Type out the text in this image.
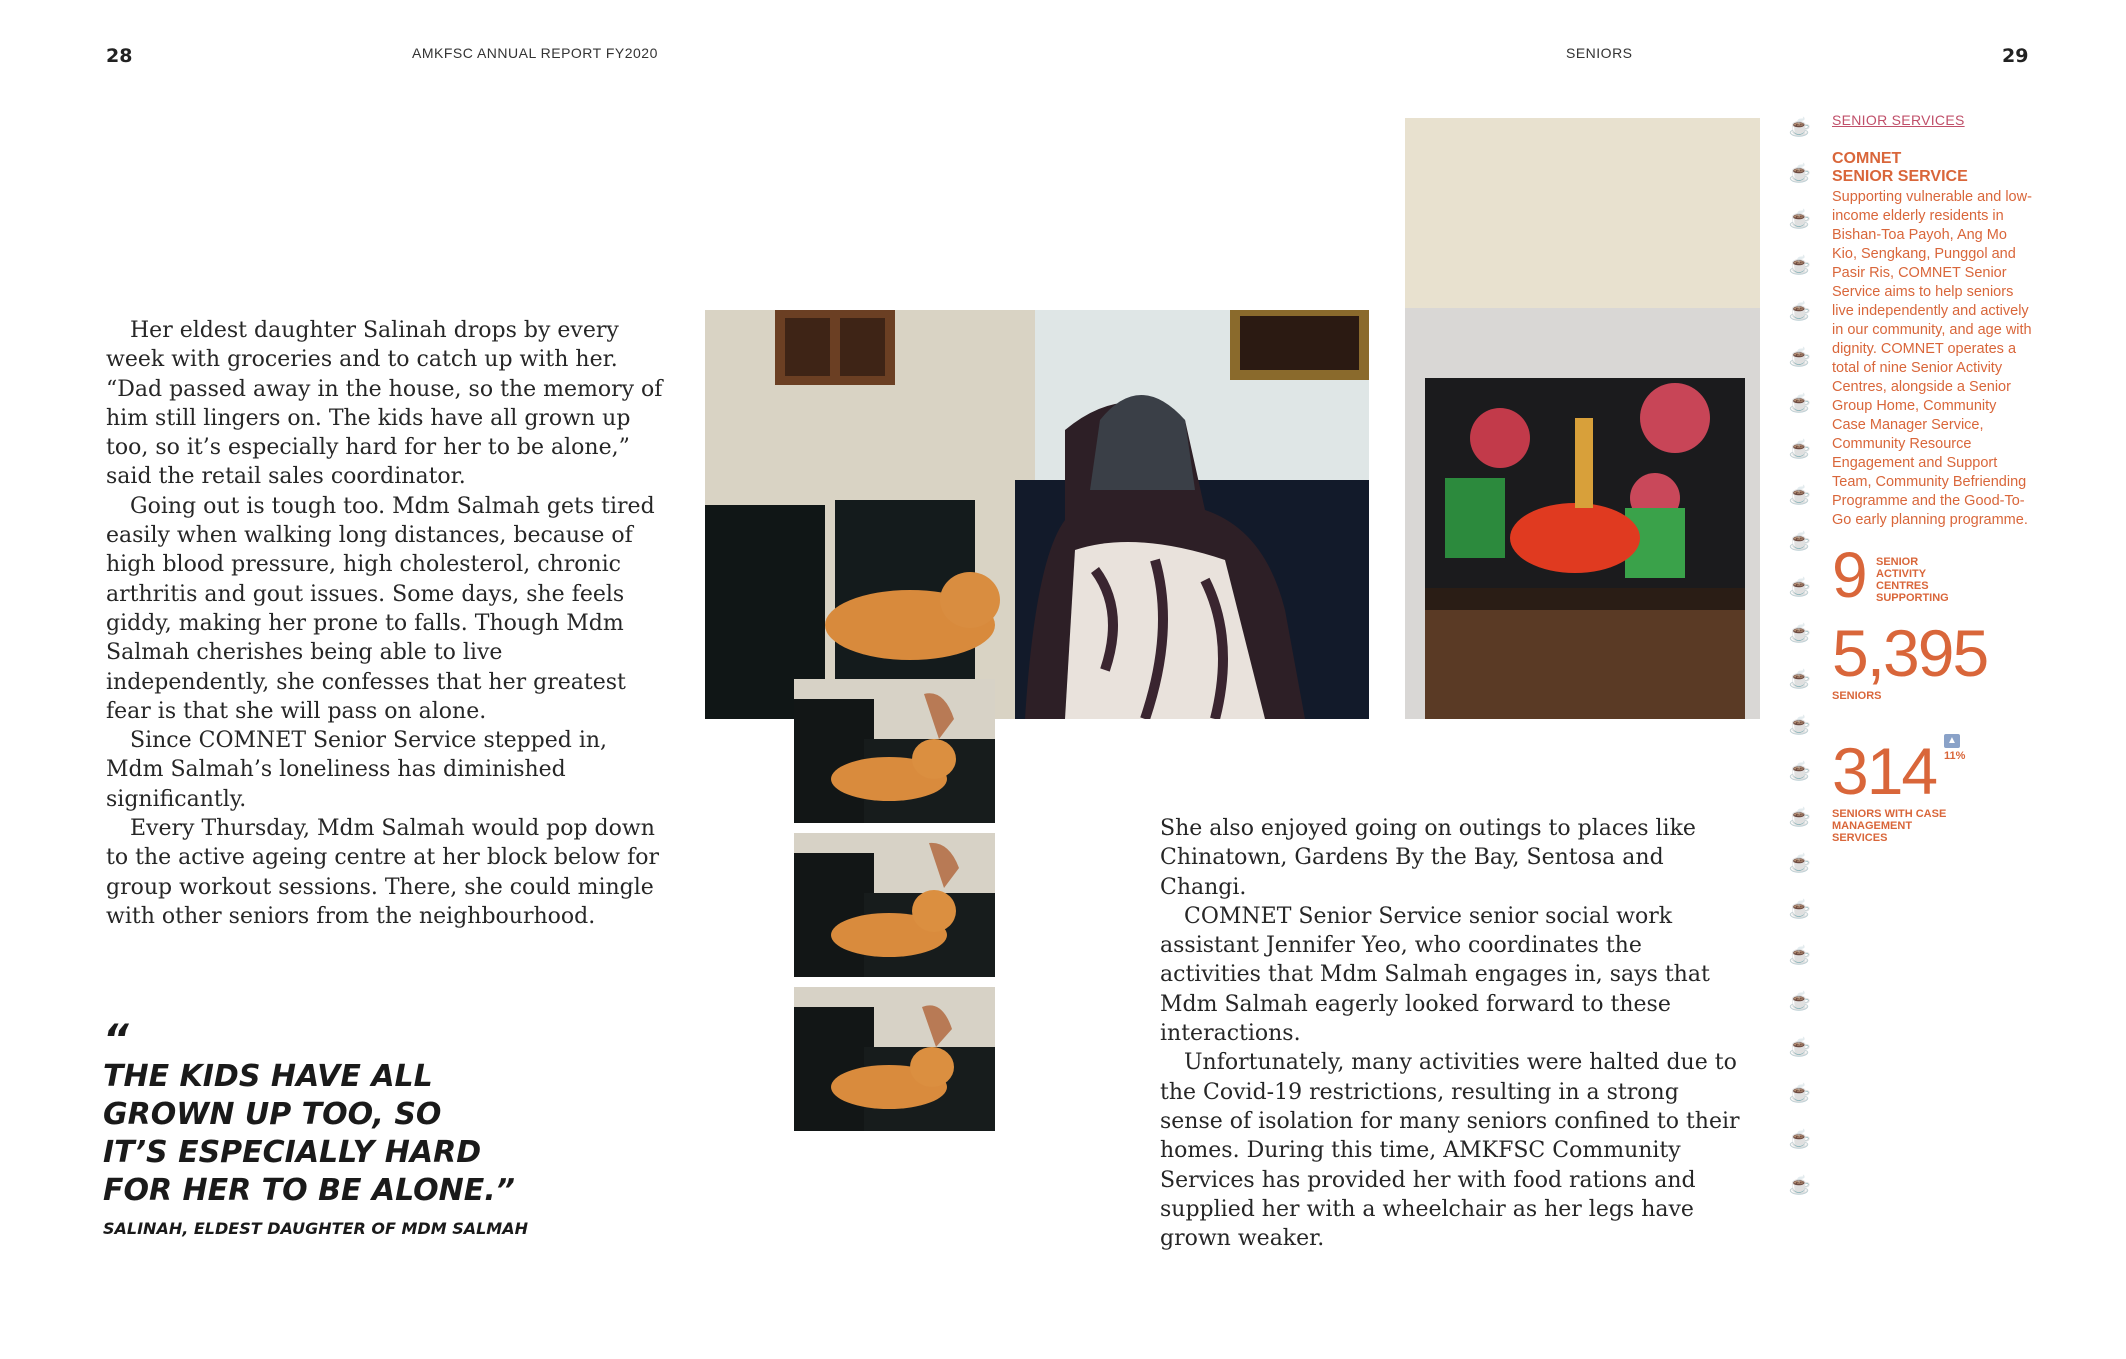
28	AMKFSC ANNUAL REPORT FY2020	SENIORS	29

Her eldest daughter Salinah drops by every week with groceries and to catch up with her. “Dad passed away in the house, so the memory of him still lingers on. The kids have all grown up too, so it’s especially hard for her to be alone,” said the retail sales coordinator.

Going out is tough too. Mdm Salmah gets tired easily when walking long distances, because of high blood pressure, high cholesterol, chronic arthritis and gout issues. Some days, she feels giddy, making her prone to falls. Though Mdm Salmah cherishes being able to live independently, she confesses that her greatest fear is that she will pass on alone.

Since COMNET Senior Service stepped in, Mdm Salmah’s loneliness has diminished significantly.

Every Thursday, Mdm Salmah would pop down to the active ageing centre at her block below for group workout sessions. There, she could mingle with other seniors from the neighbourhood.

“
THE KIDS HAVE ALL
GROWN UP TOO, SO
IT’S ESPECIALLY HARD
FOR HER TO BE ALONE.”
SALINAH, ELDEST DAUGHTER OF MDM SALMAH

She also enjoyed going on outings to places like Chinatown, Gardens By the Bay, Sentosa and Changi.

COMNET Senior Service senior social work assistant Jennifer Yeo, who coordinates the activities that Mdm Salmah engages in, says that Mdm Salmah eagerly looked forward to these interactions.

Unfortunately, many activities were halted due to the Covid-19 restrictions, resulting in a strong sense of isolation for many seniors confined to their homes. During this time, AMKFSC Community Services has provided her with food rations and supplied her with a wheelchair as her legs have grown weaker.

☕
☕
☕
☕
☕
☕
☕
☕
☕
☕
☕
☕
☕
☕
☕
☕
☕
☕
☕
☕
☕
☕
☕
☕
SENIOR SERVICES
COMNET
SENIOR SERVICE
Supporting vulnerable and low-income elderly residents in Bishan-Toa Payoh, Ang Mo Kio, Sengkang, Punggol and Pasir Ris, COMNET Senior Service aims to help seniors live independently and actively in our community, and age with dignity. COMNET operates a total of nine Senior Activity Centres, alongside a Senior Group Home, Community Case Manager Service, Community Resource Engagement and Support Team, Community Befriending Programme and the Good-To-Go early planning programme.
9 SENIOR ACTIVITY CENTRES SUPPORTING
5,395
SENIORS
314	▲
11%
SENIORS WITH CASE MANAGEMENT SERVICES
